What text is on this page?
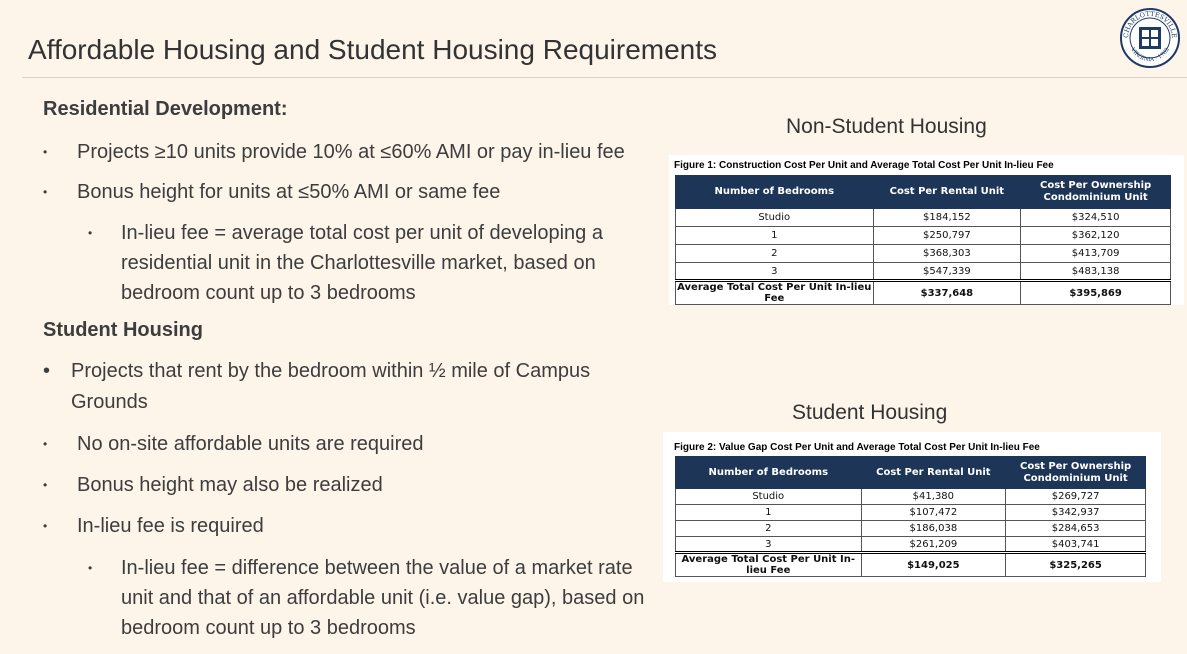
Affordable Housing and Student Housing Requirements	CHARLOTTESVILLE
VIRGINIA · 1762
Residential Development:
• Projects ≥10 units provide 10% at ≤60% AMI or pay in-lieu fee
• Bonus height for units at ≤50% AMI or same fee
• In-lieu fee = average total cost per unit of developing a residential unit in the Charlottesville market, based on bedroom count up to 3 bedrooms
Student Housing
•	Projects that rent by the bedroom within ½ mile of Campus Grounds
• No on-site affordable units are required
• Bonus height may also be realized
• In-lieu fee is required
• In-lieu fee = difference between the value of a market rate unit and that of an affordable unit (i.e. value gap), based on bedroom count up to 3 bedrooms
Non-Student Housing
Figure 1: Construction Cost Per Unit and Average Total Cost Per Unit In-lieu Fee
Number of Bedrooms	Cost Per Rental Unit	Cost Per Ownership Condominium Unit
Studio	$184,152	$324,510
1	$250,797	$362,120
2	$368,303	$413,709
3	$547,339	$483,138
Average Total Cost Per Unit In-lieu Fee	$337,648	$395,869
Student Housing
Figure 2: Value Gap Cost Per Unit and Average Total Cost Per Unit In-lieu Fee
Number of Bedrooms	Cost Per Rental Unit	Cost Per Ownership Condominium Unit
Studio	$41,380	$269,727
1	$107,472	$342,937
2	$186,038	$284,653
3	$261,209	$403,741
Average Total Cost Per Unit In-lieu Fee	$149,025	$325,265
